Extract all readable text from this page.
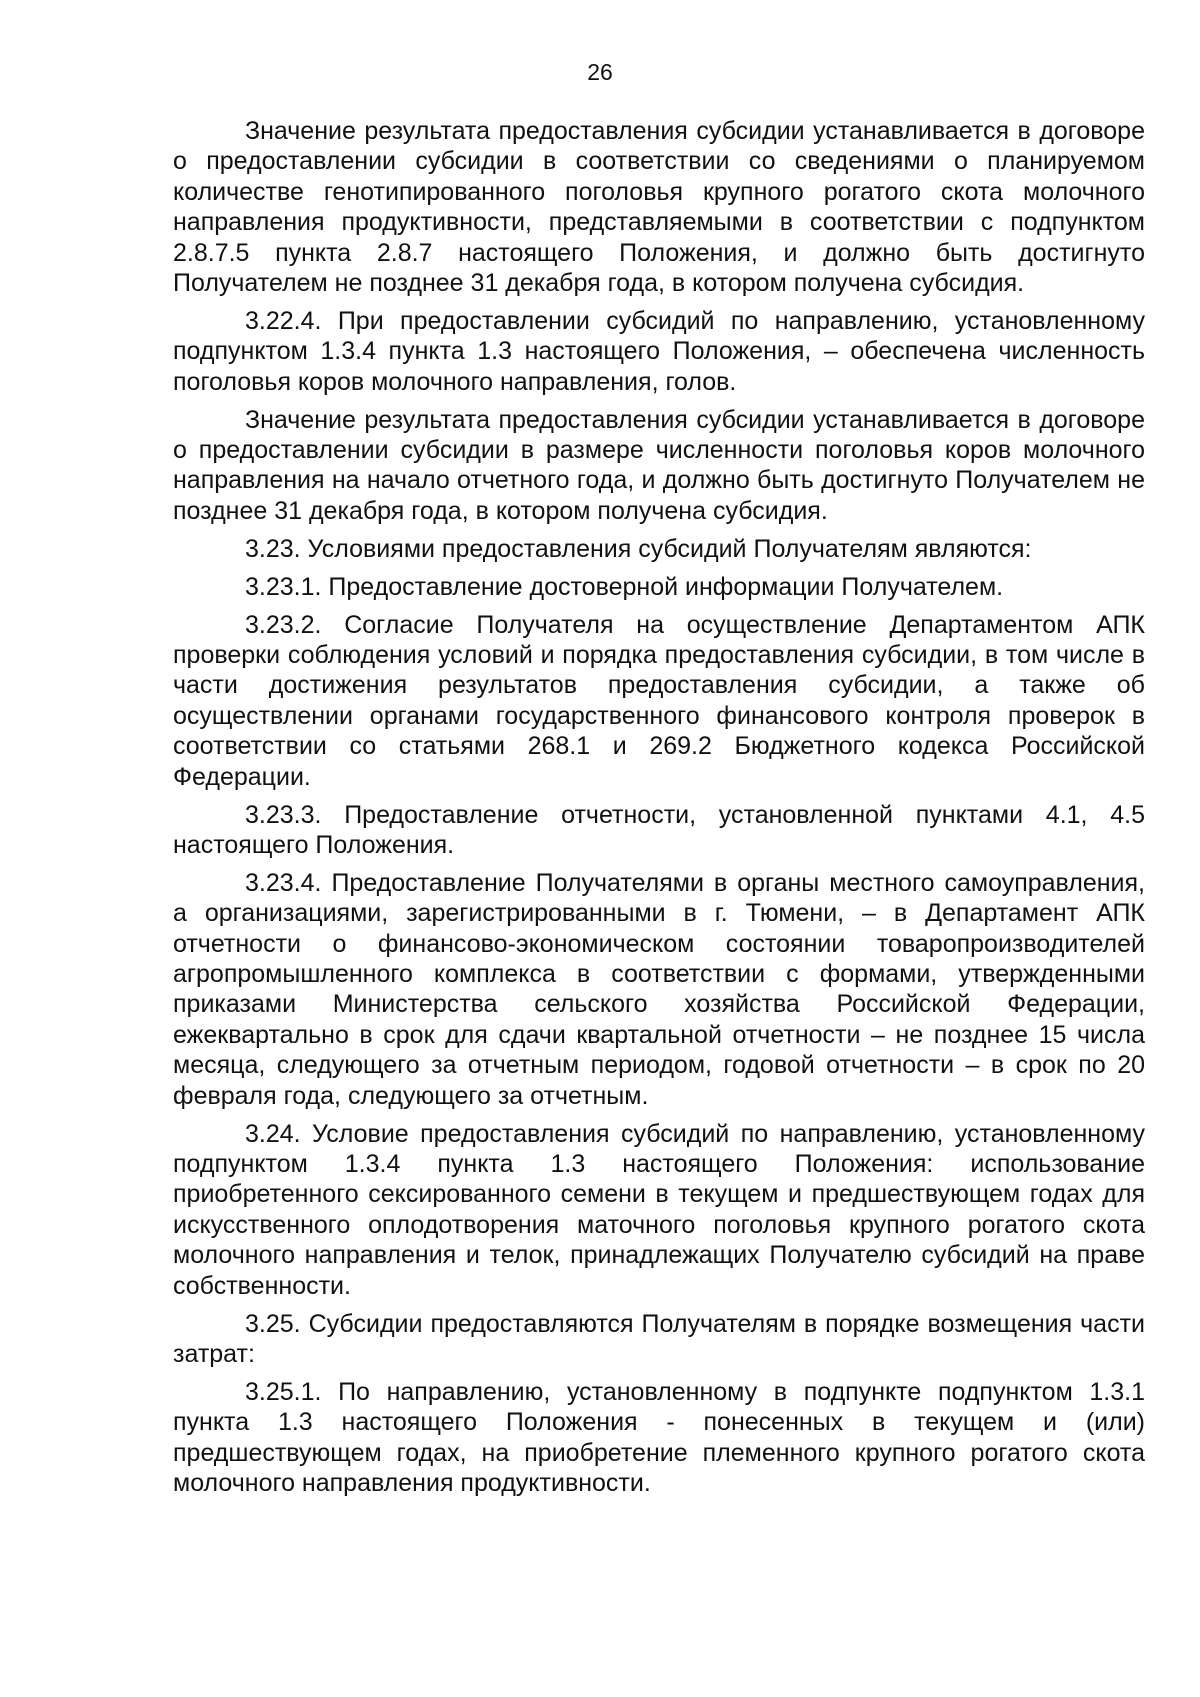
26

Значение результата предоставления субсидии устанавливается в договоре о предоставлении субсидии в соответствии со сведениями о планируемом количестве генотипированного поголовья крупного рогатого скота молочного направления продуктивности, представляемыми в соответствии с подпунктом 2.8.7.5 пункта 2.8.7 настоящего Положения, и должно быть достигнуто Получателем не позднее 31 декабря года, в котором получена субсидия.

3.22.4. При предоставлении субсидий по направлению, установленному подпунктом 1.3.4 пункта 1.3 настоящего Положения, – обеспечена численность поголовья коров молочного направления, голов.

Значение результата предоставления субсидии устанавливается в договоре о предоставлении субсидии в размере численности поголовья коров молочного направления на начало отчетного года, и должно быть достигнуто Получателем не позднее 31 декабря года, в котором получена субсидия.

3.23. Условиями предоставления субсидий Получателям являются:

3.23.1. Предоставление достоверной информации Получателем.

3.23.2. Согласие Получателя на осуществление Департаментом АПК проверки соблюдения условий и порядка предоставления субсидии, в том числе в части достижения результатов предоставления субсидии, а также об осуществлении органами государственного финансового контроля проверок в соответствии со статьями 268.1 и 269.2 Бюджетного кодекса Российской Федерации.

3.23.3. Предоставление отчетности, установленной пунктами 4.1, 4.5 настоящего Положения.

3.23.4. Предоставление Получателями в органы местного самоуправления, а организациями, зарегистрированными в г. Тюмени, – в Департамент АПК отчетности о финансово-экономическом состоянии товаропроизводителей агропромышленного комплекса в соответствии с формами, утвержденными приказами Министерства сельского хозяйства Российской Федерации, ежеквартально в срок для сдачи квартальной отчетности – не позднее 15 числа месяца, следующего за отчетным периодом, годовой отчетности – в срок по 20 февраля года, следующего за отчетным.

3.24. Условие предоставления субсидий по направлению, установленному подпунктом 1.3.4 пункта 1.3 настоящего Положения: использование приобретенного сексированного семени в текущем и предшествующем годах для искусственного оплодотворения маточного поголовья крупного рогатого скота молочного направления и телок, принадлежащих Получателю субсидий на праве собственности.

3.25. Субсидии предоставляются Получателям в порядке возмещения части затрат:

3.25.1. По направлению, установленному в подпункте подпунктом 1.3.1 пункта 1.3 настоящего Положения - понесенных в текущем и (или) предшествующем годах, на приобретение племенного крупного рогатого скота молочного направления продуктивности.
